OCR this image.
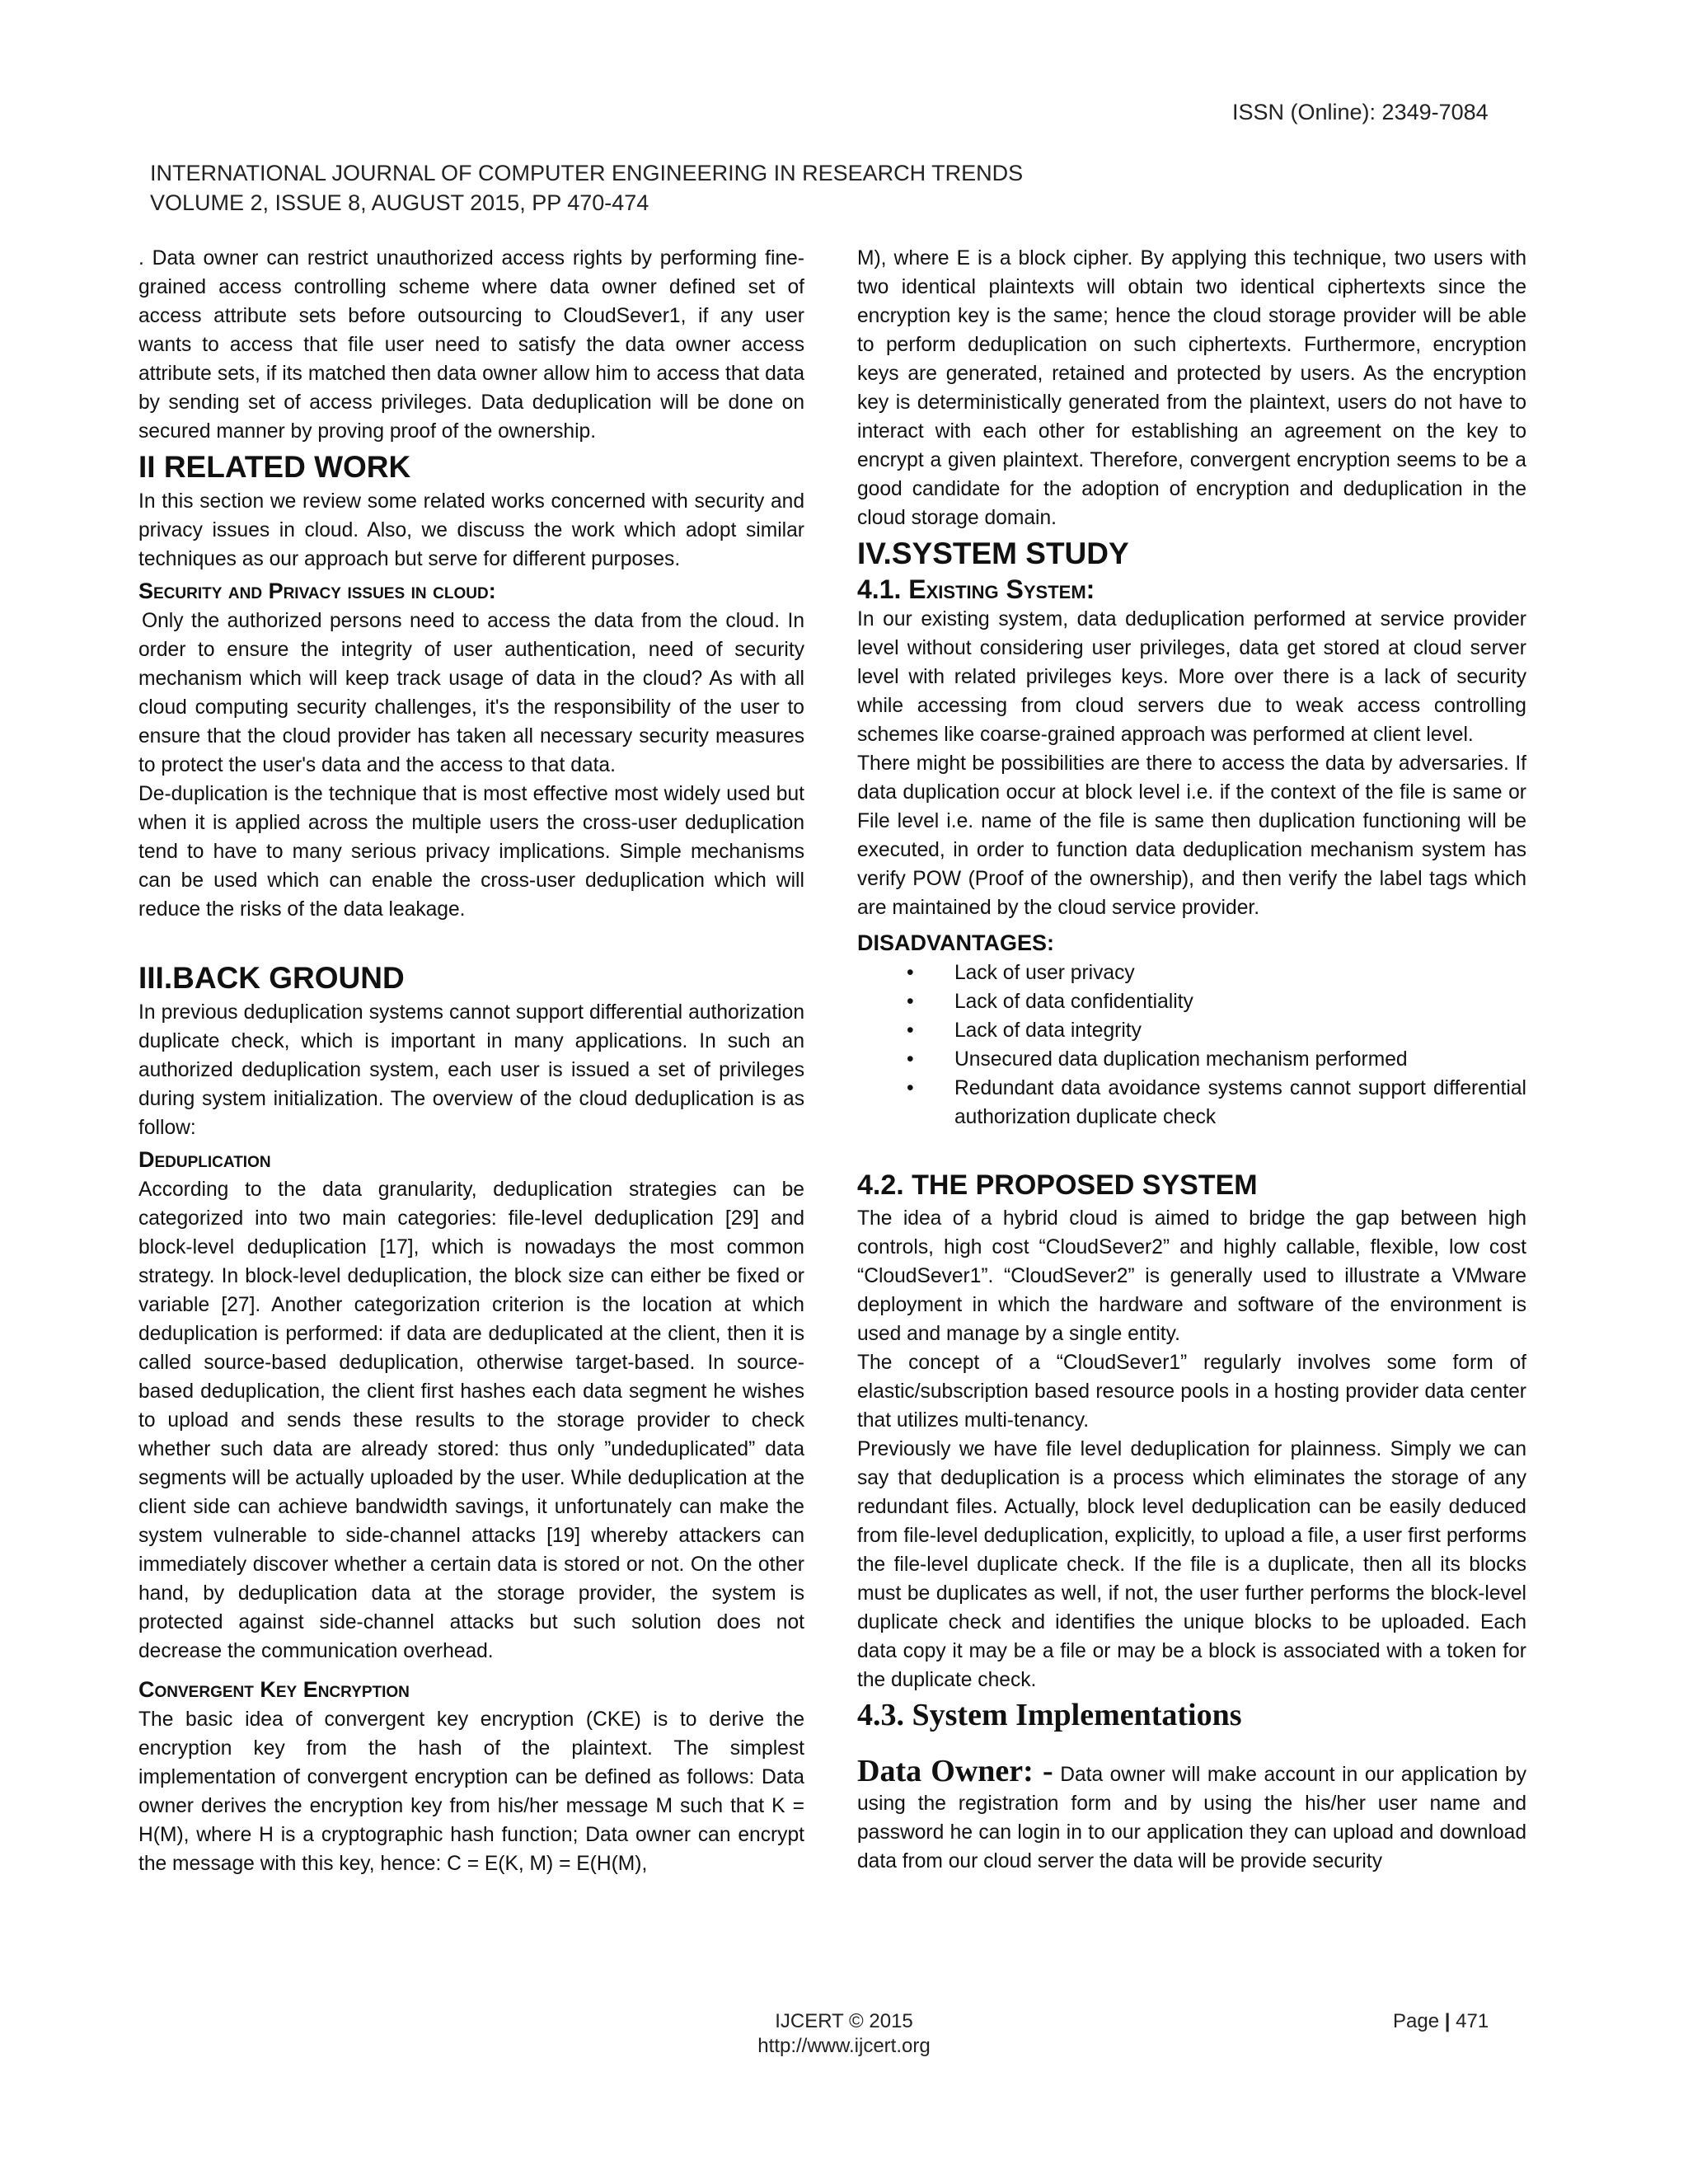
ISSN (Online): 2349-7084
INTERNATIONAL JOURNAL OF COMPUTER ENGINEERING IN RESEARCH TRENDS
VOLUME 2, ISSUE 8, AUGUST 2015, PP 470-474

. Data owner can restrict unauthorized access rights by performing fine-grained access controlling scheme where data owner defined set of access attribute sets before outsourcing to CloudSever1, if any user wants to access that file user need to satisfy the data owner access attribute sets, if its matched then data owner allow him to access that data by sending set of access privileges. Data deduplication will be done on secured manner by proving proof of the ownership.

II RELATED WORK

In this section we review some related works concerned with security and privacy issues in cloud. Also, we discuss the work which adopt similar techniques as our approach but serve for different purposes.

Security and Privacy issues in cloud:

Only the authorized persons need to access the data from the cloud. In order to ensure the integrity of user authentication, need of security mechanism which will keep track usage of data in the cloud? As with all cloud computing security challenges, it's the responsibility of the user to ensure that the cloud provider has taken all necessary security measures to protect the user's data and the access to that data.

De-duplication is the technique that is most effective most widely used but when it is applied across the multiple users the cross-user deduplication tend to have to many serious privacy implications. Simple mechanisms can be used which can enable the cross-user deduplication which will reduce the risks of the data leakage.

III.BACK GROUND

In previous deduplication systems cannot support differential authorization duplicate check, which is important in many applications. In such an authorized deduplication system, each user is issued a set of privileges during system initialization. The overview of the cloud deduplication is as follow:

Deduplication

According to the data granularity, deduplication strategies can be categorized into two main categories: file-level deduplication [29] and block-level deduplication [17], which is nowadays the most common strategy. In block-level deduplication, the block size can either be fixed or variable [27]. Another categorization criterion is the location at which deduplication is performed: if data are deduplicated at the client, then it is called source-based deduplication, otherwise target-based. In source-based deduplication, the client first hashes each data segment he wishes to upload and sends these results to the storage provider to check whether such data are already stored: thus only ”undeduplicated” data segments will be actually uploaded by the user. While deduplication at the client side can achieve bandwidth savings, it unfortunately can make the system vulnerable to side-channel attacks [19] whereby attackers can immediately discover whether a certain data is stored or not. On the other hand, by deduplication data at the storage provider, the system is protected against side-channel attacks but such solution does not decrease the communication overhead.

Convergent Key Encryption

The basic idea of convergent key encryption (CKE) is to derive the encryption key from the hash of the plaintext. The simplest implementation of convergent encryption can be defined as follows: Data owner derives the encryption key from his/her message M such that K = H(M), where H is a cryptographic hash function; Data owner can encrypt the message with this key, hence: C = E(K, M) = E(H(M),

M), where E is a block cipher. By applying this technique, two users with two identical plaintexts will obtain two identical ciphertexts since the encryption key is the same; hence the cloud storage provider will be able to perform deduplication on such ciphertexts. Furthermore, encryption keys are generated, retained and protected by users. As the encryption key is deterministically generated from the plaintext, users do not have to interact with each other for establishing an agreement on the key to encrypt a given plaintext. Therefore, convergent encryption seems to be a good candidate for the adoption of encryption and deduplication in the cloud storage domain.

IV.SYSTEM STUDY
4.1. Existing System:

In our existing system, data deduplication performed at service provider level without considering user privileges, data get stored at cloud server level with related privileges keys. More over there is a lack of security while accessing from cloud servers due to weak access controlling schemes like coarse-grained approach was performed at client level.

There might be possibilities are there to access the data by adversaries. If data duplication occur at block level i.e. if the context of the file is same or File level i.e. name of the file is same then duplication functioning will be executed, in order to function data deduplication mechanism system has verify POW (Proof of the ownership), and then verify the label tags which are maintained by the cloud service provider.

DISADVANTAGES:
• Lack of user privacy
• Lack of data confidentiality
• Lack of data integrity
• Unsecured data duplication mechanism performed
• Redundant data avoidance systems cannot support differential authorization duplicate check
4.2. THE PROPOSED SYSTEM

The idea of a hybrid cloud is aimed to bridge the gap between high controls, high cost “CloudSever2” and highly callable, flexible, low cost “CloudSever1”. “CloudSever2” is generally used to illustrate a VMware deployment in which the hardware and software of the environment is used and manage by a single entity.

The concept of a “CloudSever1” regularly involves some form of elastic/subscription based resource pools in a hosting provider data center that utilizes multi-tenancy.

Previously we have file level deduplication for plainness. Simply we can say that deduplication is a process which eliminates the storage of any redundant files. Actually, block level deduplication can be easily deduced from file-level deduplication, explicitly, to upload a file, a user first performs the file-level duplicate check. If the file is a duplicate, then all its blocks must be duplicates as well, if not, the user further performs the block-level duplicate check and identifies the unique blocks to be uploaded. Each data copy it may be a file or may be a block is associated with a token for the duplicate check.

4.3. System Implementations

Data Owner: - Data owner will make account in our application by using the registration form and by using the his/her user name and password he can login in to our application they can upload and download data from our cloud server the data will be provide security

IJCERT © 2015
http://www.ijcert.org
Page | 471
